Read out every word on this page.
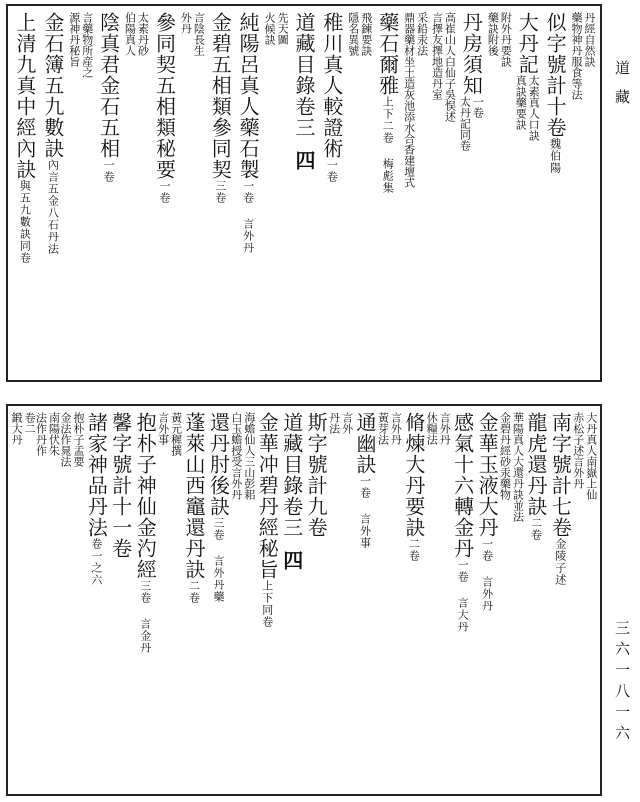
道藏
三六一八一六
丹經自然訣
藥物神丹服食等法
似字號計十卷
魏伯陽
大丹記
太素真人口訣
真訣藥要訣
附外丹要訣
藥訣附後
丹房須知
一卷
太丹記同卷
高崔山人白仙子吳悮述
言擇友擇地造丹室
采鉛汞法
鼎器藥材坐土造灰池添水合香建壇式
藥石爾雅
上下二卷 梅彪集
飛鍊要訣
隱名異號
稚川真人較證術
一卷
道藏目錄
卷三
四
先天圖
火候訣
純陽呂真人藥石製
一卷 言外丹
金碧五相類參同契
三卷
言陰長生
外丹
參同契五相類秘要
一卷
太素丹砂
伯陽真人
陰真君金石五相
一卷
言藥物所産之
源神丹秘旨
金石簿五九數訣
內言五金八石丹法
上清九真中經內訣
與五九數訣同卷
大丹真人南嶽上仙
赤松子述言外丹
南字號計七卷
金陵子述
龍虎還丹訣
二卷
華陽真人大還丹訣並法
金碧丹經砂汞藥物
金華玉液大丹
一卷 言外丹
感氣十六轉金丹
一卷 言大丹
言外丹
休糧法
脩煉大丹要訣
二卷
言外丹
黃芽法
通幽訣
一卷 言外事
言外
丹法
斯字號計九卷
道藏目錄
卷三
四
金華冲碧丹經秘旨
上下同卷
海蟾仙人
白玉蟾授
三山彭耜
受言外丹
還丹肘後訣
三卷 言外丹藥
蓬萊山西竈還丹訣
二卷
黃元穉撰
言外事
抱朴子神仙金汋經
三卷 言金丹
馨字號計十一卷
諸家神品丹法
卷一之六
抱朴子孟要
金法作晁法
南陽伏朱
法作丹作
卷二
鍛大丹
